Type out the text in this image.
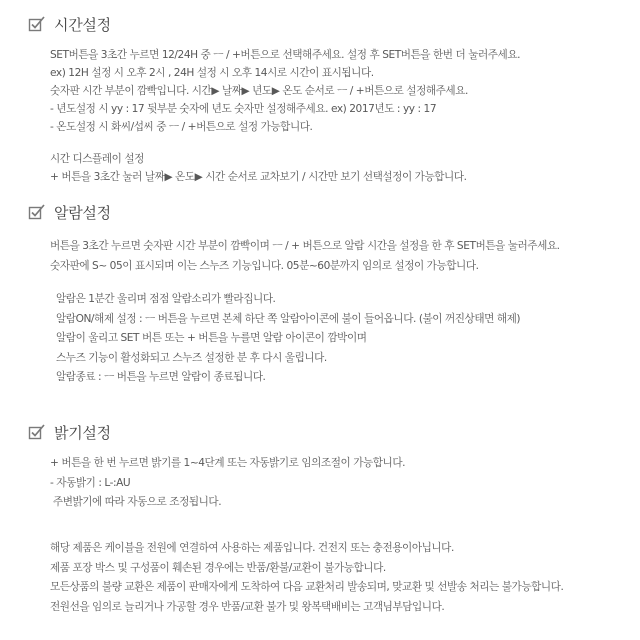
시간설정
SET버튼을 3초간 누르면 12/24H 중 ㅡ / +버튼으로 선택해주세요. 설정 후 SET버튼을 한번 더 눌러주세요.
ex) 12H 설정 시 오후 2시 , 24H 설정 시 오후 14시로 시간이 표시됩니다.
숫자판 시간 부분이 깜빡입니다. 시간▶ 날짜▶ 년도▶ 온도 순서로 ㅡ / +버튼으로 설정해주세요.
- 년도설정 시 yy : 17 뒷부분 숫자에 년도 숫자만 설정해주세요. ex) 2017년도 : yy : 17
- 온도설정 시 화씨/섭씨 중 ㅡ / +버튼으로 설정 가능합니다.
시간 디스플레이 설정
+ 버튼을 3초간 눌러 날짜▶ 온도▶ 시간 순서로 교차보기 / 시간만 보기 선택설정이 가능합니다.
알람설정
버튼을 3초간 누르면 숫자판 시간 부분이 깜빡이며 ㅡ / + 버튼으로 알람 시간을 설정을 한 후 SET버튼을 눌러주세요.
숫자판에 S~ 05이 표시되며 이는 스누즈 기능입니다. 05분~60분까지 임의로 설정이 가능합니다.
알람은 1분간 울리며 점점 알람소리가 빨라집니다.
알람ON/해제 설정 : ㅡ 버튼을 누르면 본체 하단 쪽 알람아이콘에 불이 들어옵니다. (불이 꺼진상태면 해제)
알람이 울리고 SET 버튼 또는 + 버튼을 누를면 알람 아이콘이 깜박이며
스누즈 기능이 활성화되고 스누즈 설정한 분 후 다시 울립니다.
알람종료 : ㅡ 버튼을 누르면 알람이 종료됩니다.
밝기설정
+ 버튼을 한 번 누르면 밝기를 1~4단계 또는 자동밝기로 임의조절이 가능합니다.
- 자동밝기 : L-:AU
주변밝기에 따라 자동으로 조정됩니다.
해당 제품은 케이블을 전원에 연결하여 사용하는 제품입니다. 건전지 또는 충전용이아닙니다.
제품 포장 박스 및 구성품이 훼손된 경우에는 반품/환불/교환이 불가능합니다.
모든상품의 불량 교환은 제품이 판매자에게 도착하여 다음 교환처리 발송되며, 맞교환 및 선발송 처리는 불가능합니다.
전원선을 임의로 늘리거나 가공할 경우 반품/교환 불가 및 왕복택배비는 고객님부담입니다.
